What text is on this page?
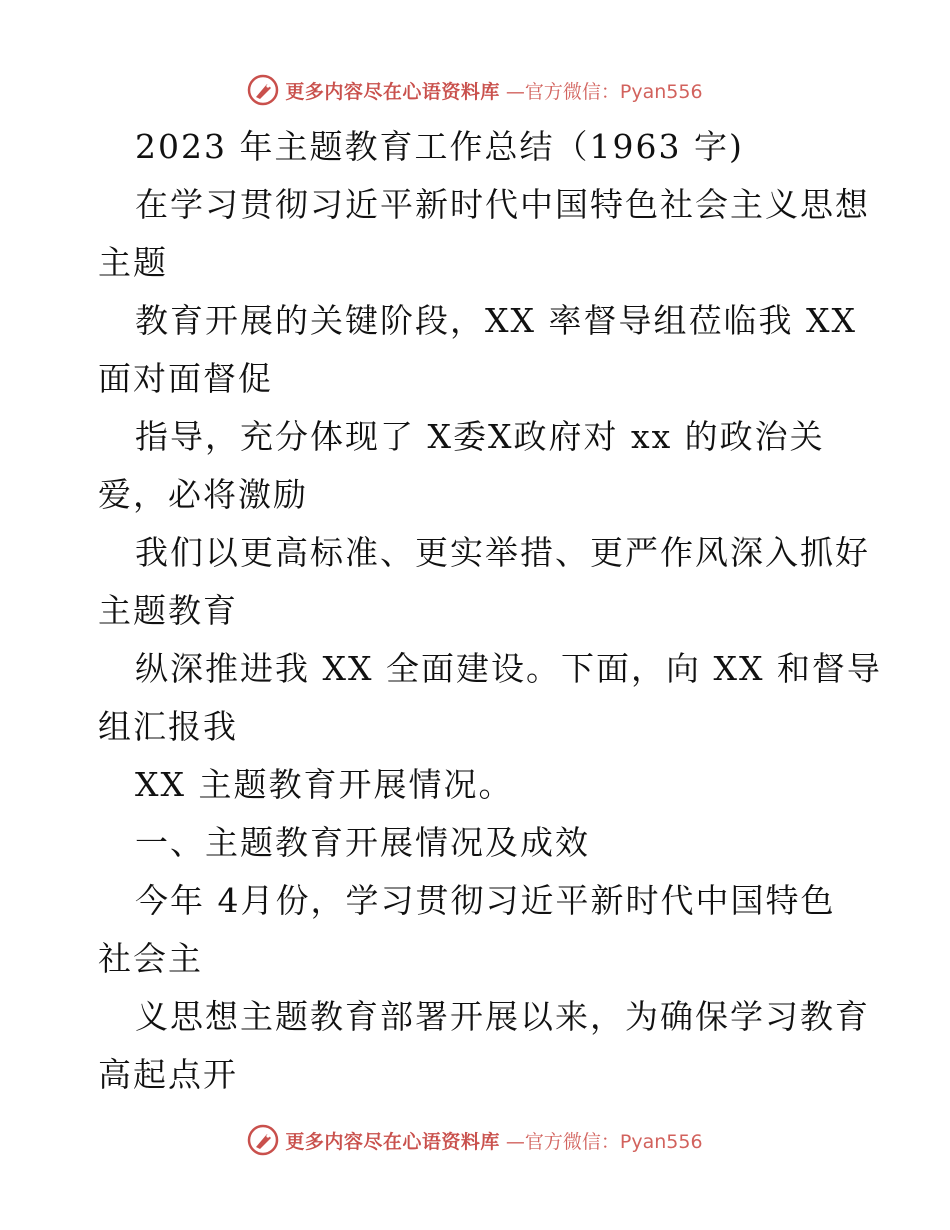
更多内容尽在心语资料库 —官方微信：Pyan556
2023 年主题教育工作总结（1963 字)
在学习贯彻习近平新时代中国特色社会主义思想
主题
教育开展的关键阶段，XX 率督导组莅临我 XX
面对面督促
指导，充分体现了 X委X政府对 xx 的政治关
爱，必将激励
我们以更高标准、更实举措、更严作风深入抓好
主题教育
纵深推进我 XX 全面建设。下面，向 XX 和督导
组汇报我
XX 主题教育开展情况。
一、主题教育开展情况及成效
今年 4月份，学习贯彻习近平新时代中国特色
社会主
义思想主题教育部署开展以来，为确保学习教育
高起点开
更多内容尽在心语资料库 —官方微信：Pyan556
